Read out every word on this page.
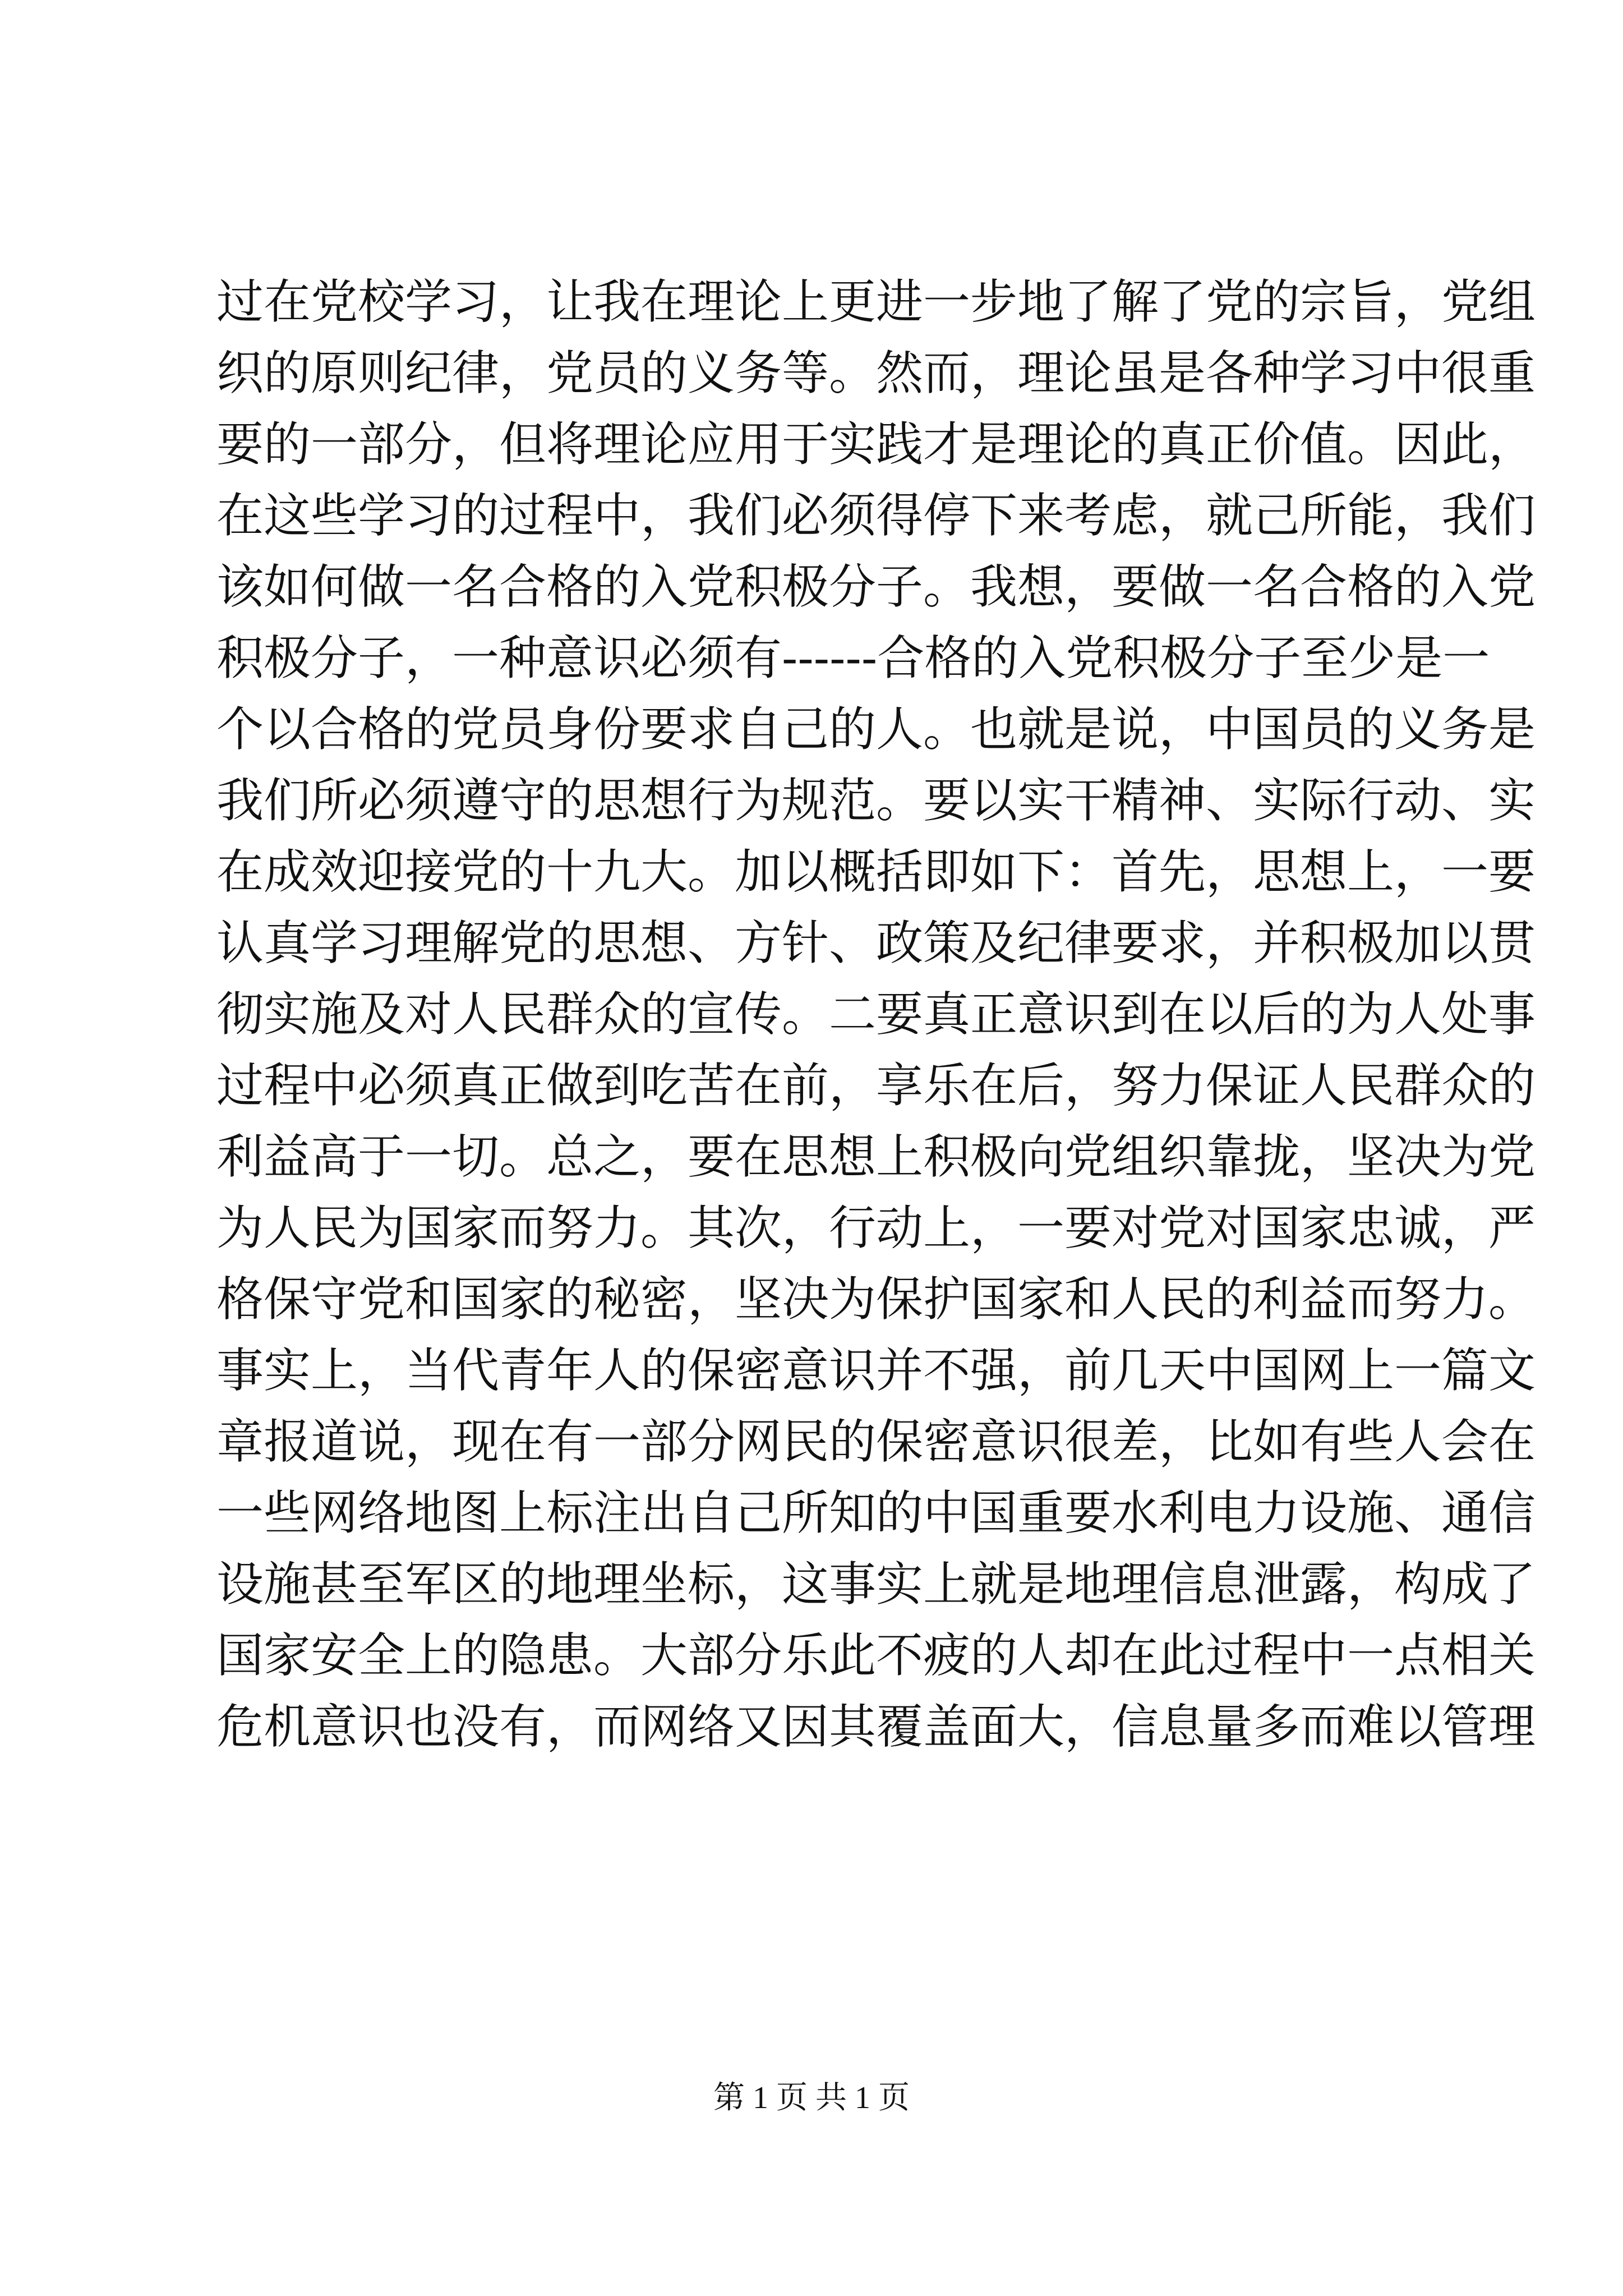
过在党校学习，让我在理论上更进一步地了解了党的宗旨，党组
织的原则纪律，党员的义务等。然而，理论虽是各种学习中很重
要的一部分，但将理论应用于实践才是理论的真正价值。因此，
在这些学习的过程中，我们必须得停下来考虑，就己所能，我们
该如何做一名合格的入党积极分子。我想，要做一名合格的入党
积极分子，一种意识必须有------合格的入党积极分子至少是一
个以合格的党员身份要求自己的人。也就是说，中国员的义务是
我们所必须遵守的思想行为规范。要以实干精神、实际行动、实
在成效迎接党的十九大。加以概括即如下：首先，思想上，一要
认真学习理解党的思想、方针、政策及纪律要求，并积极加以贯
彻实施及对人民群众的宣传。二要真正意识到在以后的为人处事
过程中必须真正做到吃苦在前，享乐在后，努力保证人民群众的
利益高于一切。总之，要在思想上积极向党组织靠拢，坚决为党
为人民为国家而努力。其次，行动上，一要对党对国家忠诚，严
格保守党和国家的秘密，坚决为保护国家和人民的利益而努力。
事实上，当代青年人的保密意识并不强，前几天中国网上一篇文
章报道说，现在有一部分网民的保密意识很差，比如有些人会在
一些网络地图上标注出自己所知的中国重要水利电力设施、通信
设施甚至军区的地理坐标，这事实上就是地理信息泄露，构成了
国家安全上的隐患。大部分乐此不疲的人却在此过程中一点相关
危机意识也没有，而网络又因其覆盖面大，信息量多而难以管理
第 1 页 共 1 页
